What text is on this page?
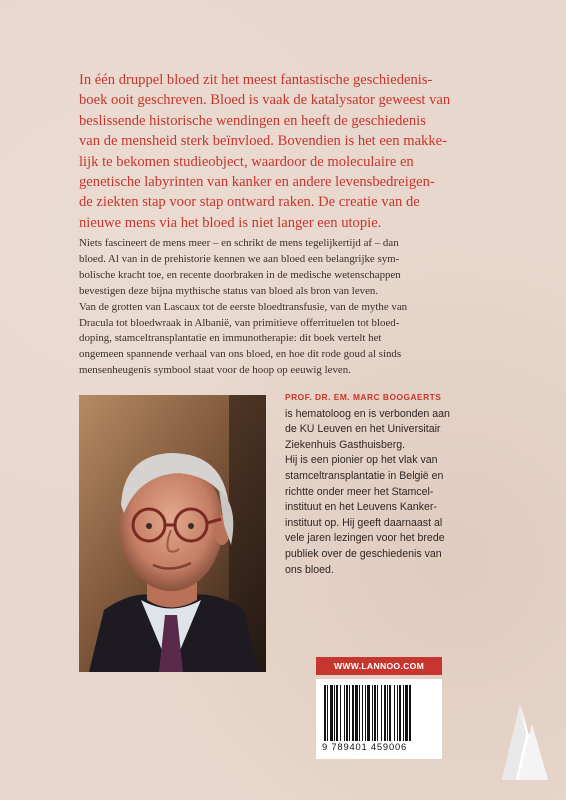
In één druppel bloed zit het meest fantastische geschiedenis-
boek ooit geschreven. Bloed is vaak de katalysator geweest van
beslissende historische wendingen en heeft de geschiedenis
van de mensheid sterk beïnvloed. Bovendien is het een makke-
lijk te bekomen studieobject, waardoor de moleculaire en
genetische labyrinten van kanker en andere levensbedreigen-
de ziekten stap voor stap ontward raken. De creatie van de
nieuwe mens via het bloed is niet langer een utopie.
Niets fascineert de mens meer – en schrikt de mens tegelijkertijd af – dan
bloed. Al van in de prehistorie kennen we aan bloed een belangrijke sym-
bolische kracht toe, en recente doorbraken in de medische wetenschappen
bevestigen deze bijna mythische status van bloed als bron van leven.
Van de grotten van Lascaux tot de eerste bloedtransfusie, van de mythe van
Dracula tot bloedwraak in Albanië, van primitieve offerrituelen tot bloed-
doping, stamceltransplantatie en immunotherapie: dit boek vertelt het
ongemeen spannende verhaal van ons bloed, en hoe dit rode goud al sinds
mensenheugenis symbool staat voor de hoop op eeuwig leven.
PROF. DR. EM. MARC BOOGAERTS
is hematoloog en is verbonden aan
de KU Leuven en het Universitair
Ziekenhuis Gasthuisberg.
Hij is een pionier op het vlak van
stamceltransplantatie in België en
richtte onder meer het Stamcel-
instituut en het Leuvens Kanker-
instituut op. Hij geeft daarnaast al
vele jaren lezingen voor het brede
publiek over de geschiedenis van
ons bloed.
WWW.LANNOO.COM
9 789401 459006
